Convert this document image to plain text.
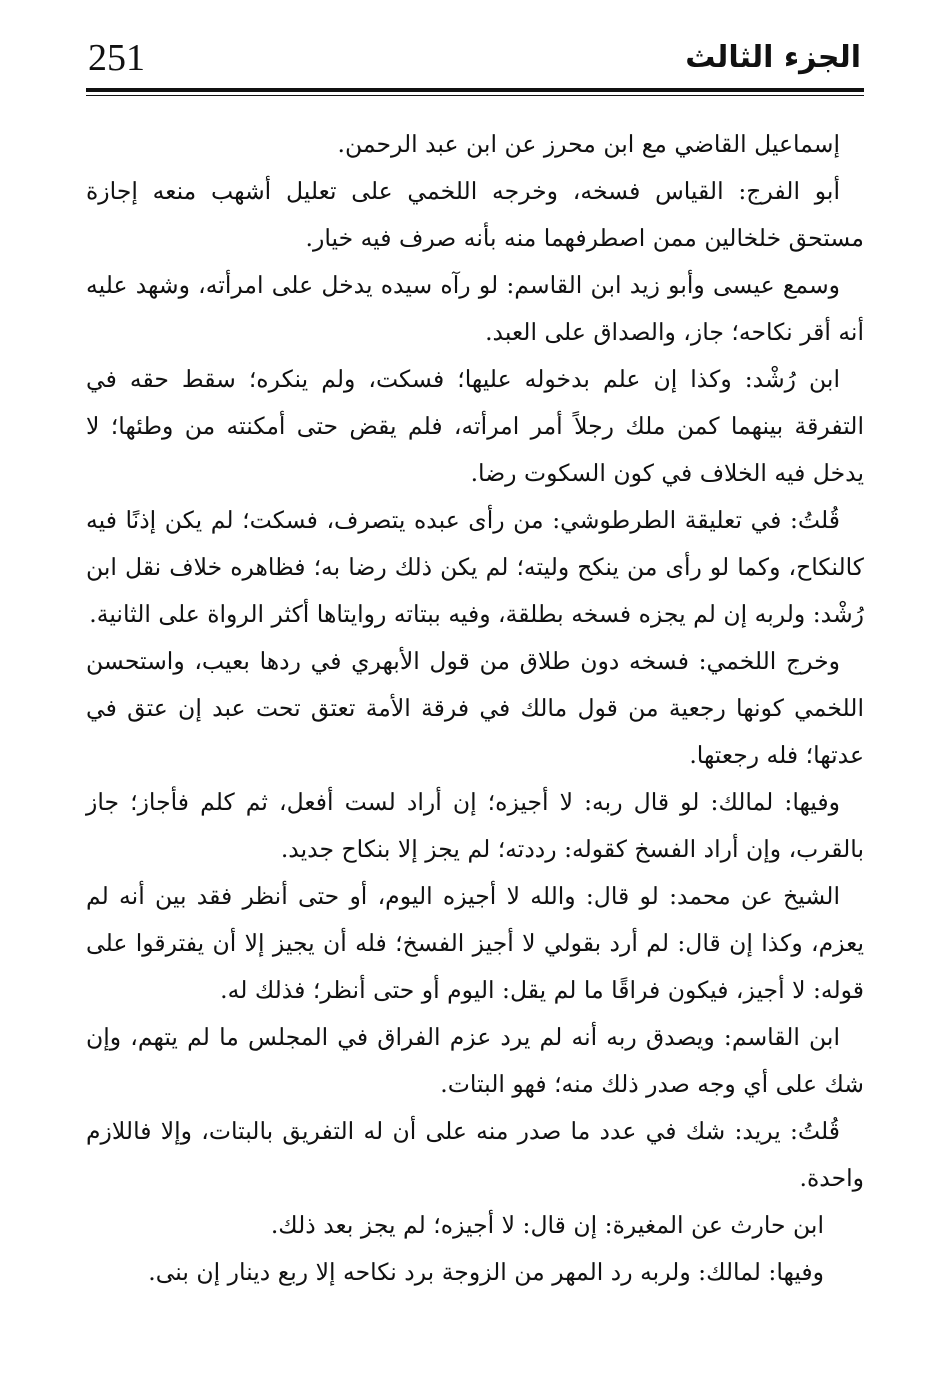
251	الجزء الثالث

إسماعيل القاضي مع ابن محرز عن ابن عبد الرحمن.

أبو الفرج: القياس فسخه، وخرجه اللخمي على تعليل أشهب منعه إجازة مستحق خلخالين ممن اصطرفهما منه بأنه صرف فيه خيار.

وسمع عيسى وأبو زيد ابن القاسم: لو رآه سيده يدخل على امرأته، وشهد عليه أنه أقر نكاحه؛ جاز، والصداق على العبد.

ابن رُشْد: وكذا إن علم بدخوله عليها؛ فسكت، ولم ينكره؛ سقط حقه في التفرقة بينهما كمن ملك رجلاً أمر امرأته، فلم يقض حتى أمكنته من وطئها؛ لا يدخل فيه الخلاف في كون السكوت رضا.

قُلتُ: في تعليقة الطرطوشي: من رأى عبده يتصرف، فسكت؛ لم يكن إذنًا فيه كالنكاح، وكما لو رأى من ينكح وليته؛ لم يكن ذلك رضا به؛ فظاهره خلاف نقل ابن رُشْد: ولربه إن لم يجزه فسخه بطلقة، وفيه ببتاته روايتاها أكثر الرواة على الثانية.

وخرج اللخمي: فسخه دون طلاق من قول الأبهري في ردها بعيب، واستحسن اللخمي كونها رجعية من قول مالك في فرقة الأمة تعتق تحت عبد إن عتق في عدتها؛ فله رجعتها.

وفيها: لمالك: لو قال ربه: لا أجيزه؛ إن أراد لست أفعل، ثم كلم فأجاز؛ جاز بالقرب، وإن أراد الفسخ كقوله: رددته؛ لم يجز إلا بنكاح جديد.

الشيخ عن محمد: لو قال: والله لا أجيزه اليوم، أو حتى أنظر فقد بين أنه لم يعزم، وكذا إن قال: لم أرد بقولي لا أجيز الفسخ؛ فله أن يجيز إلا أن يفترقوا على قوله: لا أجيز، فيكون فراقًا ما لم يقل: اليوم أو حتى أنظر؛ فذلك له.

ابن القاسم: ويصدق ربه أنه لم يرد عزم الفراق في المجلس ما لم يتهم، وإن شك على أي وجه صدر ذلك منه؛ فهو البتات.

قُلتُ: يريد: شك في عدد ما صدر منه على أن له التفريق بالبتات، وإلا فاللازم واحدة.

ابن حارث عن المغيرة: إن قال: لا أجيزه؛ لم يجز بعد ذلك.

وفيها: لمالك: ولربه رد المهر من الزوجة برد نكاحه إلا ربع دينار إن بنى.
